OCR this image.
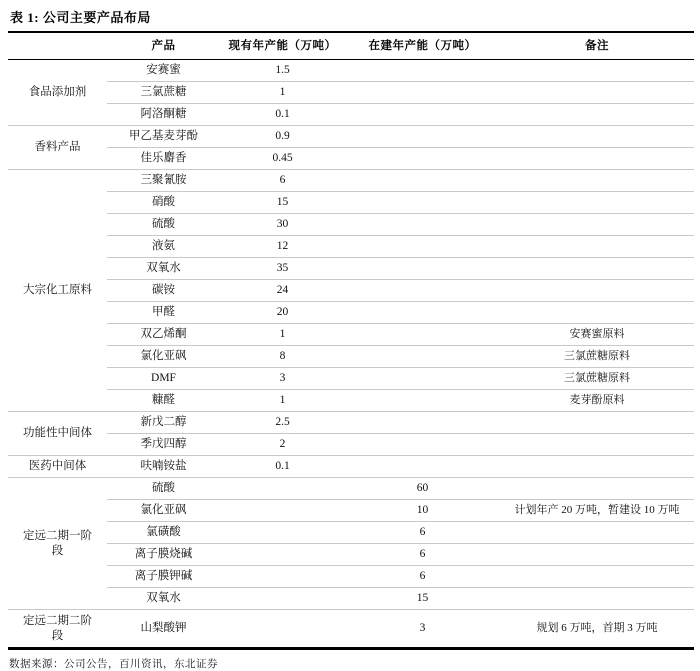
表 1: 公司主要产品布局
	产品	现有年产能（万吨）	在建年产能（万吨）	备注
食品添加剂	安赛蜜	1.5		
	三氯蔗糖	1		
	阿洛酮糖	0.1		
香料产品	甲乙基麦芽酚	0.9		
	佳乐麝香	0.45		
大宗化工原料	三聚氰胺	6		
	硝酸	15		
	硫酸	30		
	液氨	12		
	双氧水	35		
	碳铵	24		
	甲醛	20		
	双乙烯酮	1		安赛蜜原料
	氯化亚砜	8		三氯蔗糖原料
	DMF	3		三氯蔗糖原料
	糠醛	1		麦芽酚原料
功能性中间体	新戊二醇	2.5		
	季戊四醇	2		
医药中间体	呋喃铵盐	0.1		
定远二期一阶段	硫酸		60	
	氯化亚砜		10	计划年产 20 万吨，暂建设 10 万吨
	氯磺酸		6	
	离子膜烧碱		6	
	离子膜钾碱		6	
	双氧水		15	
定远二期二阶段	山梨酸钾		3	规划 6 万吨，首期 3 万吨
数据来源：公司公告，百川资讯，东北证券
